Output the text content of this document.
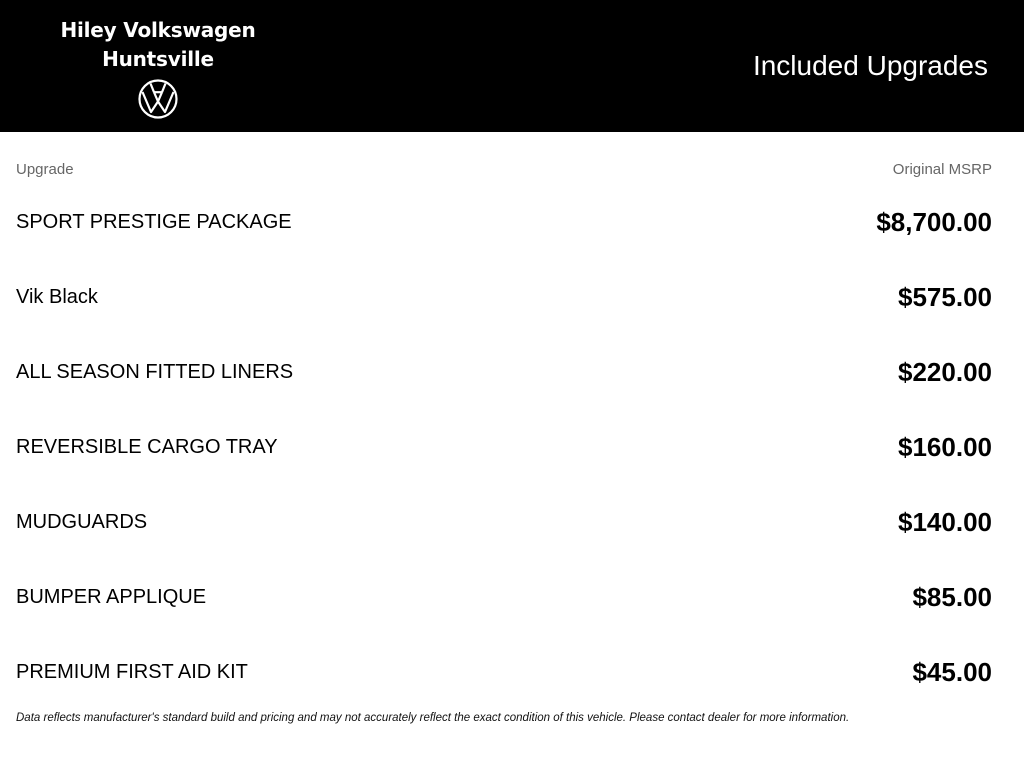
Hiley Volkswagen
Huntsville	Included Upgrades
Upgrade	Original MSRP
SPORT PRESTIGE PACKAGE	$8,700.00
Vik Black	$575.00
ALL SEASON FITTED LINERS	$220.00
REVERSIBLE CARGO TRAY	$160.00
MUDGUARDS	$140.00
BUMPER APPLIQUE	$85.00
PREMIUM FIRST AID KIT	$45.00
Data reflects manufacturer's standard build and pricing and may not accurately reflect the exact condition of this vehicle. Please contact dealer for more information.
